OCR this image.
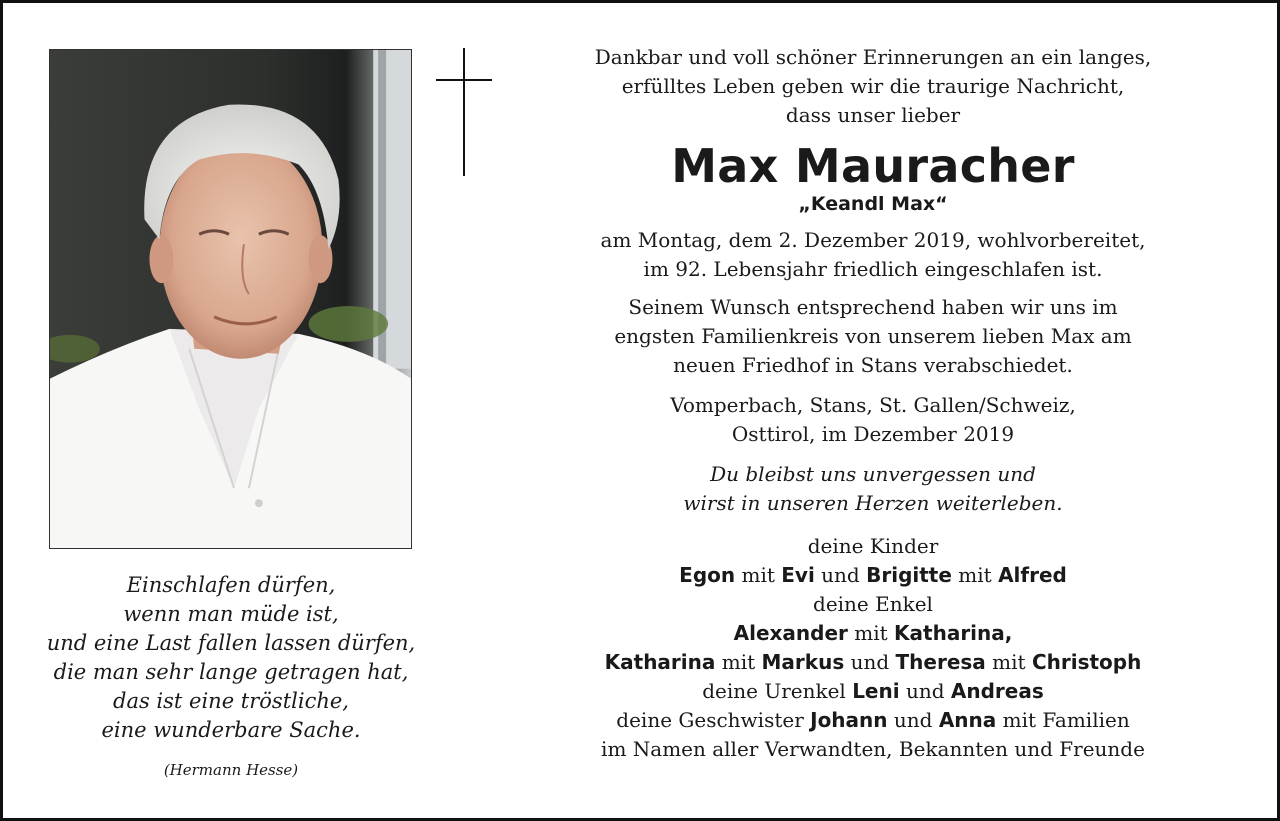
Einschlafen dürfen,
wenn man müde ist,
und eine Last fallen lassen dürfen,
die man sehr lange getragen hat,
das ist eine tröstliche,
eine wunderbare Sache.
(Hermann Hesse)
Dankbar und voll schöner Erinnerungen an ein langes,
erfülltes Leben geben wir die traurige Nachricht,
dass unser lieber
Max Mauracher
„Keandl Max“
am Montag, dem 2. Dezember 2019, wohlvorbereitet,
im 92. Lebensjahr friedlich eingeschlafen ist.
Seinem Wunsch entsprechend haben wir uns im
engsten Familienkreis von unserem lieben Max am
neuen Friedhof in Stans verabschiedet.
Vomperbach, Stans, St. Gallen/Schweiz,
Osttirol, im Dezember 2019
Du bleibst uns unvergessen und
wirst in unseren Herzen weiterleben.
deine Kinder
Egon mit Evi und Brigitte mit Alfred
deine Enkel
Alexander mit Katharina,
Katharina mit Markus und Theresa mit Christoph
deine Urenkel Leni und Andreas
deine Geschwister Johann und Anna mit Familien
im Namen aller Verwandten, Bekannten und Freunde
